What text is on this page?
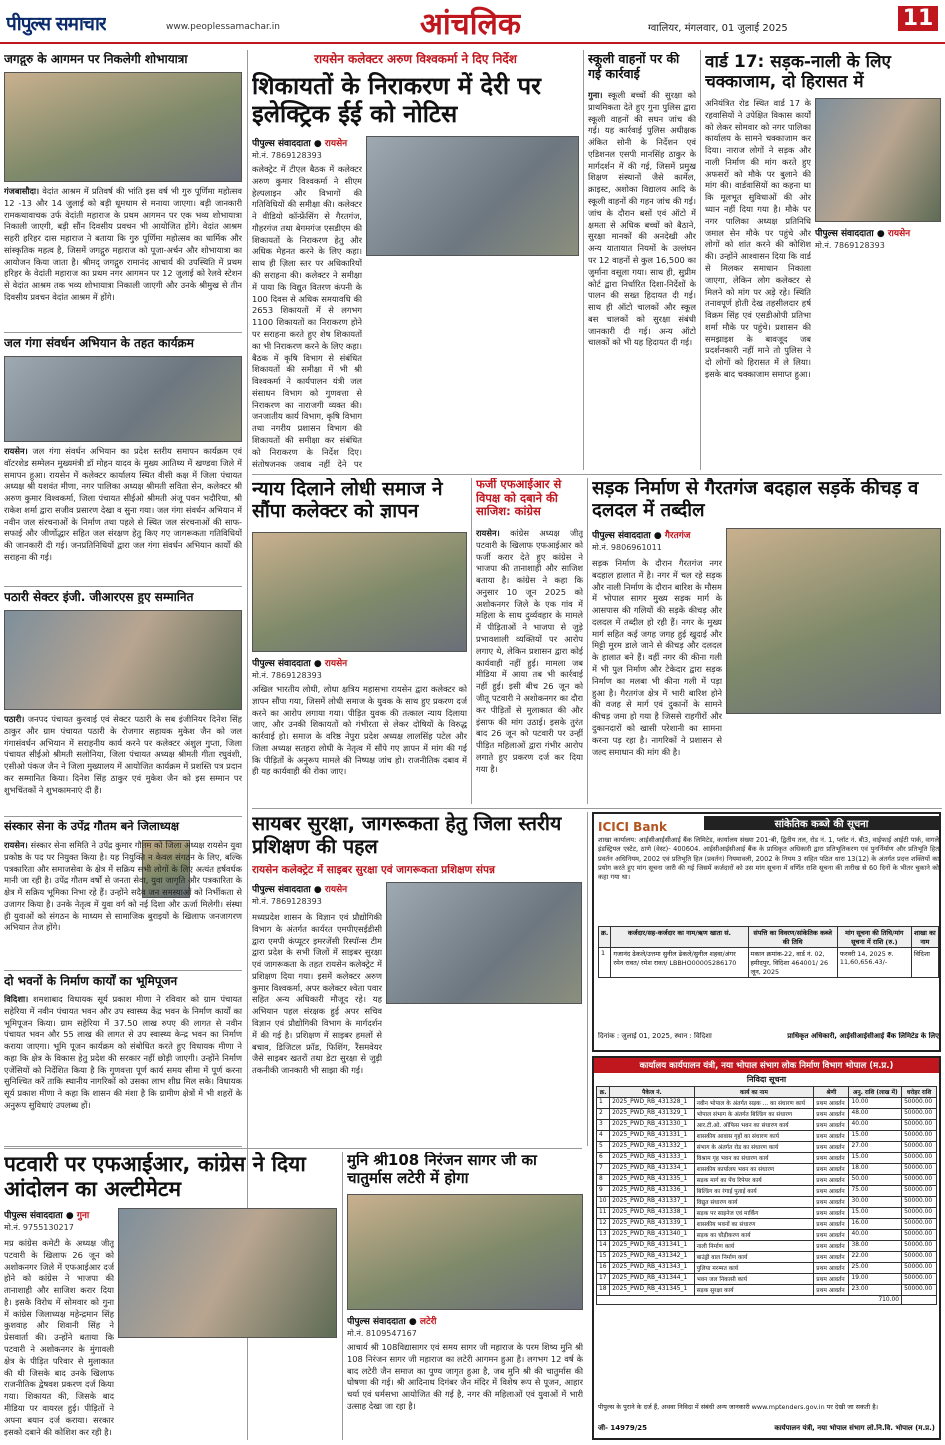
पीपुल्स समाचार	www.peoplessamachar.in	आंचलिक	ग्वालियर, मंगलवार, 01 जुलाई 2025	11
जगद्गुरु के आगमन पर निकलेगी शोभायात्रा

गंजबासौदा। वेदांत आश्रम में प्रतिवर्ष की भांति इस वर्ष भी गुरु पूर्णिमा महोत्सव 12 -13 और 14 जुलाई को बड़ी धूमधाम से मनाया जाएगा। बड़ी जानकारी रामकथावाचक उर्फ वेदांती महाराज के प्रथम आगमन पर एक भव्य शोभायात्रा निकाली जाएगी, बड़ी सौंन दिवसीय प्रवचन भी आयोजित होंगे। वेदांत आश्रम सहरी हरिहर दास महाराज ने बताया कि गुरु पूर्णिमा महोत्सव का धार्मिक और सांस्कृतिक महत्व है, जिसमें जगद्गुरु महाराज को पूजा-अर्चन और शोभायात्रा का आयोजन किया जाता है। श्रीमद् जगद्गुरु रामानंद आचार्य की उपस्थिति में प्रथम हरिहर के वेदांती महाराज का प्रथम नगर आगमन पर 12 जुलाई को रेलवे स्टेशन से वेदांत आश्रम तक भव्य शोभायात्रा निकाली जाएगी और उनके श्रीमुख से तीन दिवसीय प्रवचन वेदांत आश्रम में होंगे।

जल गंगा संवर्धन अभियान के तहत कार्यक्रम

रायसेन। जल गंगा संवर्धन अभियान का प्रदेश स्तरीय समापन कार्यक्रम एवं वॉटरशेड सम्मेलन मुख्यमंत्री डॉ मोहन यादव के मुख्य आतिथ्य में खण्डवा जिले में समापन हुआ। रायसेन में कलेक्टर कार्यालय स्थित वीसी कक्ष में जिला पंचायत अध्यक्ष श्री यशवंत मीणा, नगर पालिका अध्यक्ष श्रीमती सविता सेन, कलेक्टर श्री अरुण कुमार विश्वकर्मा, जिला पंचायत सीईओ श्रीमती अंजू पवन भदौरिया, श्री राकेश शर्मा द्वारा सजीव प्रसारण देखा व सुना गया। जल गंगा संवर्धन अभियान में नवीन जल संरचनाओं के निर्माण तथा पहले से स्थित जल संरचनाओं की साफ-सफाई और जीर्णोद्धार सहित जल संरक्षण हेतु किए गए जागरूकता गतिविधियों की जानकारी दी गई। जनप्रतिनिधियों द्वारा जल गंगा संवर्धन अभियान कार्यों की सराहना की गई।

पठारी सेक्टर इंजी. जीआरएस हुए सम्मानित

पठारी। जनपद पंचायत कुरवाई एवं सेक्टर पठारी के सब इंजीनियर दिनेश सिंह ठाकुर और ग्राम पंचायत पठारी के रोजगार सहायक मुकेश जैन को जल गंगासंवर्धन अभियान में सराहनीय कार्य करने पर कलेक्टर अंशुल गुप्ता, जिला पंचायत सीईओ श्रीमती सलोनिया, जिला पंचायत अध्यक्ष श्रीमती गीता रघुवंशी, एसीओ पंकज जैन ने जिला मुख्यालय में आयोजित कार्यक्रम में प्रशस्ति पत्र प्रदान कर सम्मानित किया। दिनेश सिंह ठाकुर एवं मुकेश जैन को इस सम्मान पर शुभचिंतकों ने शुभकामनाएं दी हैं।

संस्कार सेना के उपेंद्र गौतम बने जिलाध्यक्ष

रायसेन। संस्कार सेना समिति ने उपेंद्र कुमार गौतम को जिला अध्यक्ष रायसेन युवा प्रकोष्ठ के पद पर नियुक्त किया है। यह नियुक्ति न केवल संगठन के लिए, बल्कि पत्रकारिता और समाजसेवा के क्षेत्र में सक्रिय सभी लोगों के लिए अत्यंत हर्षवर्धक मानी जा रही है। उपेंद्र गौतम वर्षों से जनता सेवा, युवा जागृति और पत्रकारिता के क्षेत्र में सक्रिय भूमिका निभा रहे हैं। उन्होंने सदैव जन समस्याओं को निर्भीकता से उजागर किया है। उनके नेतृत्व में युवा वर्ग को नई दिशा और ऊर्जा मिलेगी। संस्था ही युवाओं को संगठन के माध्यम से सामाजिक बुराइयों के खिलाफ जनजागरण अभियान तेज होंगे।

दो भवनों के निर्माण कार्यों का भूमिपूजन

विदिशा। शमशाबाद विधायक सूर्य प्रकाश मीणा ने रविवार को ग्राम पंचायत सहेरिया में नवीन पंचायत भवन और उप स्वास्थ्य केंद्र भवन के निर्माण कार्यों का भूमिपूजन किया। ग्राम सहेरिया में 37.50 लाख रुपए की लागत से नवीन पंचायत भवन और 55 लाख की लागत से उप स्वास्थ्य केन्द्र भवन का निर्माण कराया जाएगा। भूमि पूजन कार्यक्रम को संबोधित करते हुए विधायक मीणा ने कहा कि क्षेत्र के विकास हेतु प्रदेश की सरकार नहीं छोड़ी जाएगी। उन्होंने निर्माण एजेंसियों को निर्देशित किया है कि गुणवत्ता पूर्ण कार्य समय सीमा में पूर्ण करना सुनिश्चित करें ताकि स्थानीय नागरिकों को उसका लाभ शीघ्र मिल सके। विधायक सूर्य प्रकाश मीणा ने कहा कि शासन की मंशा है कि ग्रामीण क्षेत्रों में भी शहरों के अनुरूप सुविधाएं उपलब्ध हों।

रायसेन कलेक्टर अरुण विश्वकर्मा ने दिए निर्देश
शिकायतों के निराकरण में देरी पर इलेक्ट्रिक ईई को नोटिस
पीपुल्स संवाददाता ● रायसेन
मो.नं. 7869128393

कलेक्ट्रेट में टीएल बैठक में कलेक्टर अरुण कुमार विश्वकर्मा ने सीएम हेल्पलाइन और विभागों की गतिविधियों की समीक्षा की। कलेक्टर ने वीडियो कॉन्फ्रेंसिंग से गैरतगंज, गौहरगंज तथा बेगमगंज एसडीएम की शिकायतों के निराकरण हेतु और अधिक मेहनत करने के लिए कहा। साथ ही ज़िला स्तर पर अधिकारियों की सराहना की। कलेक्टर ने समीक्षा में पाया कि विद्युत वितरण कंपनी के 100 दिवस से अधिक समयावधि की 2653 शिकायतों में से लगभग 1100 शिकायतों का निराकरण होने पर सराहना करते हुए शेष शिकायतों का भी निराकरण करने के लिए कहा। बैठक में कृषि विभाग से संबंधित शिकायतों की समीक्षा में भी श्री विश्वकर्मा ने कार्यपालन यंत्री जल संसाधन विभाग को गुणवत्ता से निराकरण का नाराजगी व्यक्त की। जनजातीय कार्य विभाग, कृषि विभाग तथा नगरीय प्रशासन विभाग की शिकायतों की समीक्षा कर संबंधित को निराकरण के निर्देश दिए। संतोषजनक जवाब नहीं देने पर

स्कूली वाहनों पर की गई कार्रवाई

गुना। स्कूली बच्चों की सुरक्षा को प्राथमिकता देते हुए गुना पुलिस द्वारा स्कूली वाहनों की सघन जांच की गई। यह कार्रवाई पुलिस अधीक्षक अंकित सोनी के निर्देशन एवं एडिशनल एसपी मानसिंह ठाकुर के मार्गदर्शन में की गई, जिसमें प्रमुख शिक्षण संस्थानों जैसे कार्मेल, क्राइस्ट, अशोका विद्यालय आदि के स्कूली वाहनों की गहन जांच की गई। जांच के दौरान बसों एवं ऑटो में क्षमता से अधिक बच्चों को बैठाने, सुरक्षा मानकों की अनदेखी और अन्य यातायात नियमों के उल्लंघन पर 12 वाहनों से कुल 16,500 का जुर्माना वसूला गया। साथ ही, सुप्रीम कोर्ट द्वारा निर्धारित दिशा-निर्देशों के पालन की सख्त हिदायत दी गई। साथ ही ऑटो चालकों और स्कूल बस चालकों को सुरक्षा संबंधी जानकारी दी गई। अन्य ऑटो चालकों को भी यह हिदायत दी गई।

वार्ड 17: सड़क-नाली के लिए चक्काजाम, दो हिरासत में
पीपुल्स संवाददाता ● रायसेन
मो.नं. 7869128393

अनियंत्रित रोड स्थित वार्ड 17 के रहवासियों ने उपेक्षित विकास कार्यों को लेकर सोमवार को नगर पालिका कार्यालय के सामने चक्काजाम कर दिया। नाराज लोगों ने सड़क और नाली निर्माण की मांग करते हुए अफसरों को मौके पर बुलाने की मांग की। वार्डवासियों का कहना था कि मूलभूत सुविधाओं की ओर ध्यान नहीं दिया गया है। मौके पर नगर पालिका अध्यक्ष प्रतिनिधि जमाल सेन मौके पर पहुंचे और लोगों को शांत करने की कोशिश की। उन्होंने आश्वासन दिया कि वार्ड से मिलकर समाधान निकाला जाएगा, लेकिन लोग कलेक्टर से मिलने को मांग पर अड़े रहे। स्थिति तनावपूर्ण होती देख तहसीलदार हर्ष विक्रम सिंह एवं एसडीओपी प्रतिभा शर्मा मौके पर पहुंचे। प्रशासन की समझाइश के बावजूद जब प्रदर्शनकारी नहीं माने तो पुलिस ने दो लोगों को हिरासत में ले लिया। इसके बाद चक्काजाम समाप्त हुआ।

न्याय दिलाने लोधी समाज ने सौंपा कलेक्टर को ज्ञापन
पीपुल्स संवाददाता ● रायसेन
मो.नं. 7869128393

अखिल भारतीय लोधी, लोधा क्षत्रिय महासभा रायसेन द्वारा कलेक्टर को ज्ञापन सौंपा गया, जिसमें लोधी समाज के युवक के साथ हुए प्रकरण दर्ज करने का आरोप लगाया गया। पीड़ित युवक की तत्काल न्याय दिलाया जाए, और उनकी शिकायतों को गंभीरता से लेकर दोषियों के विरुद्ध कार्रवाई हो। समाज के वरिष्ठ नेपुरा प्रदेश अध्यक्ष लालसिंह पटेल और जिला अध्यक्ष सतहरा लोधी के नेतृत्व में सौंपे गए ज्ञापन में मांग की गई कि पीड़ितों के अनुरूप मामले की निष्पक्ष जांच हो। राजनीतिक दबाव में ही यह कार्यवाही की रोका जाए।

फर्जी एफआईआर से विपक्ष को दबाने की साजिश: कांग्रेस

रायसेन। कांग्रेस अध्यक्ष जीतू पटवारी के खिलाफ एफआईआर को फर्जी करार देते हुए कांग्रेस ने भाजपा की तानाशाही और साजिश बताया है। कांग्रेस ने कहा कि अनुसार 10 जून 2025 को अशोकनगर जिले के एक गांव में महिला के साथ दुर्व्यवहार के मामले में पीड़िताओं ने भाजपा से जुड़े प्रभावशाली व्यक्तियों पर आरोप लगाए थे, लेकिन प्रशासन द्वारा कोई कार्यवाही नहीं हुई। मामला जब मीडिया में आया तब भी कार्रवाई नहीं हुई। इसी बीच 26 जून को जीतू पटवारी ने अशोकनगर का दौरा कर पीड़ितों से मुलाकात की और इंसाफ की मांग उठाई। इसके तुरंत बाद 26 जून को पटवारी पर उन्हीं पीड़ित महिलाओं द्वारा गंभीर आरोप लगाते हुए प्रकरण दर्ज कर दिया गया है।

सड़क निर्माण से गैरतगंज बदहाल सड़कें कीचड़ व दलदल में तब्दील
पीपुल्स संवाददाता ● गैरतगंज
मो.नं. 9806961011

सड़क निर्माण के दौरान गैरतगंज नगर बदहाल हालात में है। नगर में चल रहे सड़क और नाली निर्माण के दौरान बारिश के मौसम में भोपाल सागर मुख्य सड़क मार्ग के आसपास की गलियों की सड़कें कीचड़ और दलदल में तब्दील हो रही हैं। नगर के मुख्य मार्ग सहित कई जगह जगह हुई खुदाई और मिट्टी मुरम डाले जाने से कीचड़ और दलदल के हालात बने हैं। वहीं नगर की कीना गली में भी पुल निर्माण और टेकेदार द्वारा सड़क निर्माण का मलबा भी कीना गली में पड़ा हुआ है। गैरतगंज क्षेत्र में भारी बारिश होने की वजह से मार्ग एवं दुकानों के सामने कीचड़ जमा हो गया है जिससे राहगीरों और दुकानदारों को खासी परेशानी का सामना करना पड़ रहा है। नागरिकों ने प्रशासन से जल्द समाधान की मांग की है।

सायबर सुरक्षा, जागरूकता हेतु जिला स्तरीय प्रशिक्षण की पहल
रायसेन कलेक्ट्रेट में साइबर सुरक्षा एवं जागरूकता प्रशिक्षण संपन्न
पीपुल्स संवाददाता ● रायसेन
मो.नं. 7869128393

मध्यप्रदेश शासन के विज्ञान एवं प्रौद्योगिकी विभाग के अंतर्गत कार्यरत एमपीएसईडीसी द्वारा एमपी कंप्यूटर इमरजेंसी रिस्पॉन्स टीम द्वारा प्रदेश के सभी जिलों में साइबर सुरक्षा एवं जागरूकता के तहत रायसेन कलेक्ट्रेट में प्रशिक्षण दिया गया। इसमें कलेक्टर अरुण कुमार विश्वकर्मा, अपर कलेक्टर श्वेता पवार सहित अन्य अधिकारी मौजूद रहे। यह अभियान पहल संरक्षक हुई अपर सचिव विज्ञान एवं प्रौद्योगिकी विभाग के मार्गदर्शन में की गई है। प्रशिक्षण में साइबर हमलों से बचाव, डिजिटल फ्रॉड, फिशिंग, रैंसमवेयर जैसे साइबर खतरों तथा डेटा सुरक्षा से जुड़ी तकनीकी जानकारी भी साझा की गई।

ICICI Bank	सांकेतिक कब्जे की सूचना

शाखा कार्यालय: आईसीआईसीआई बैंक लिमिटेड, कार्यालय संख्या 201-बी, द्वितीय तल, रोड नं. 1, प्लॉट नं. बी3, वाईफाई आईटी पार्क, वागले इंडस्ट्रियल एस्टेट, ठाणे (वेस्ट)- 400604. आईसीआईसीआई बैंक के प्राधिकृत अधिकारी द्वारा प्रतिभूतिकरण एवं पुनर्निर्माण और प्रतिभूति हित प्रवर्तन अधिनियम, 2002 एवं प्रतिभूति हित (प्रवर्तन) नियमावली, 2002 के नियम 3 सहित पठित धारा 13(12) के अंतर्गत प्रदत्त शक्तियों का प्रयोग करते हुए मांग सूचना जारी की गई जिसमें कर्जदारों को उस मांग सूचना में वर्णित राशि सूचना की तारीख से 60 दिनों के भीतर चुकाने को कहा गया था।

क्र.	कर्जदार/सह-कर्जदार का नाम/ऋण खाता सं.	संपत्ति का विवरण/सांकेतिक कब्जे की तिथि	मांग सूचना की तिथि/मांग सूचना में राशि (रु.)	शाखा का नाम
1	गजानंद ढेकले/उत्तमा सुनील ढेकले/सुनील शहवा/अंगर रमेन रावत/ रमेश रावत/ LBBHO00005286170	मकान क्रमांक-22, वार्ड नं. 02, हमीदपुर, विदिशा 464001/ 26 जून, 2025	फरवरी 14, 2025 रु. 11,60,656.43/-	विदिशा
दिनांक : जुलाई 01, 2025, स्थान : विदिशा	प्राधिकृत अधिकारी, आईसीआईसीआई बैंक लिमिटेड के लिए
कार्यालय कार्यपालन यंत्री, नया भोपाल संभाग लोक निर्माण विभाग भोपाल (म.प्र.)
निविदा सूचना
क्र.	पैकेज नं.	कार्य का नाम	श्रेणी	अनु. राशि (लाख में)	धरोहर राशि
1	2025_PWD_RB_431328_1	नवीन भोपाल के अंतर्गत सड़क ... का संधारण कार्य	प्रथम आवर्तन	10.00	50000.00
2	2025_PWD_RB_431329_1	भोपाल संभाग के अंतर्गत बिल्डिंग का संधारण	प्रथम आवर्तन	48.00	50000.00
3	2025_PWD_RB_431330_1	आर.टी.ओ. ऑफिस भवन का संधारण कार्य	प्रथम आवर्तन	40.00	50000.00
4	2025_PWD_RB_431331_1	शासकीय आवास गृहों का संधारण कार्य	प्रथम आवर्तन	15.00	50000.00
5	2025_PWD_RB_431332_1	संभाग के अंतर्गत रोड का संधारण कार्य	प्रथम आवर्तन	27.00	50000.00
6	2025_PWD_RB_431333_1	विश्राम गृह भवन का संधारण कार्य	प्रथम आवर्तन	15.00	50000.00
7	2025_PWD_RB_431334_1	शासकीय कार्यालय भवन का संधारण	प्रथम आवर्तन	18.00	50000.00
8	2025_PWD_RB_431335_1	सड़क मार्ग का पेंच रिपेयर कार्य	प्रथम आवर्तन	50.00	50000.00
9	2025_PWD_RB_431336_1	बिल्डिंग का रंगाई पुताई कार्य	प्रथम आवर्तन	75.00	50000.00
10	2025_PWD_RB_431337_1	विद्युत संधारण कार्य	प्रथम आवर्तन	30.00	50000.00
11	2025_PWD_RB_431338_1	सड़क पर साइनेज एवं मार्किंग	प्रथम आवर्तन	15.00	50000.00
12	2025_PWD_RB_431339_1	शासकीय भवनों का संधारण	प्रथम आवर्तन	16.00	50000.00
13	2025_PWD_RB_431340_1	सड़क का चौड़ीकरण कार्य	प्रथम आवर्तन	40.00	50000.00
14	2025_PWD_RB_431341_1	नाली निर्माण कार्य	प्रथम आवर्तन	38.00	50000.00
15	2025_PWD_RB_431342_1	बाउंड्री वाल निर्माण कार्य	प्रथम आवर्तन	22.00	50000.00
16	2025_PWD_RB_431343_1	पुलिया मरम्मत कार्य	प्रथम आवर्तन	25.00	50000.00
17	2025_PWD_RB_431344_1	भवन जल निकासी कार्य	प्रथम आवर्तन	19.00	50000.00
18	2025_PWD_RB_431345_1	सड़क सुरक्षा कार्य	प्रथम आवर्तन	23.00	50000.00
710.00					
पीपुल्स के पुराने के दर्ज हैं, अथवा निविदा में संबंधी अन्य जानकारी www.mptenders.gov.in पर देखी जा सकती है।
जी- 14979/25	कार्यपालन यंत्री, नया भोपाल संभाग लो.नि.वि. भोपाल (म.प्र.)
पटवारी पर एफआईआर, कांग्रेस ने दिया आंदोलन का अल्टीमेटम
पीपुल्स संवाददाता ● गुना
मो.नं. 9755130217

मप्र कांग्रेस कमेटी के अध्यक्ष जीतू पटवारी के खिलाफ 26 जून को अशोकनगर जिले में एफआईआर दर्ज होने को कांग्रेस ने भाजपा की तानाशाही और साजिश करार दिया है। इसके विरोध में सोमवार को गुना में कांग्रेस जिलाध्यक्ष महेन्द्रमान सिंह कुशवाह और शिवानी सिंह ने प्रेसवार्ता की। उन्होंने बताया कि पटवारी ने अशोकनगर के मुंगावली क्षेत्र के पीड़ित परिवार से मुलाकात की थी जिसके बाद उनके खिलाफ राजनीतिक द्वेषवश प्रकरण दर्ज किया गया। शिकायत की, जिसके बाद मीडिया पर वायरल हुई। पीड़ितों ने अपना बयान दर्ज कराया। सरकार इसको दबाने की कोशिश कर रही है।

मुनि श्री108 निरंजन सागर जी का चातुर्मास लटेरी में होगा
पीपुल्स संवाददाता ● लटेरी
मो.नं. 8109547167

आचार्य श्री 108विद्यासागर एवं समय सागर जी महाराज के परम शिष्य मुनि श्री 108 निरंजन सागर जी महाराज का लटेरी आगमन हुआ है। लगभग 12 वर्ष के बाद लटेरी जैन समाज का पुण्य जागृत हुआ है, जब मुनि श्री की चातुर्मास की घोषणा की गई। श्री आदिनाथ दिगंबर जैन मंदिर में विशेष रूप से पूजन, आहार चर्या एवं धर्मसभा आयोजित की गई है, नगर की महिलाओं एवं युवाओं में भारी उत्साह देखा जा रहा है।
